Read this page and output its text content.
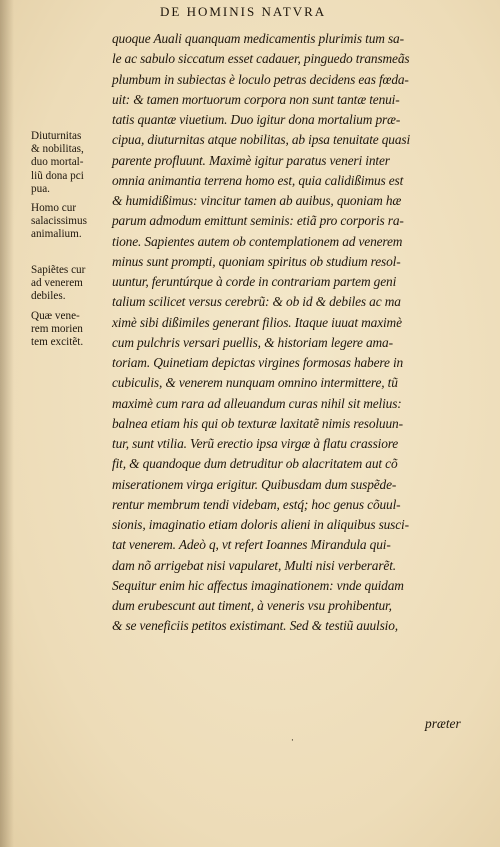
DE HOMINIS NATVRA
Diuturnitas
& nobilitas,
duo mortal-
liũ dona pci
pua.
Homo cur
salacissimus
animalium.
Sapiẽtes cur
ad venerem
debiles.
Quæ vene-
rem morien
tem excitẽt.
quoque Auali quanquam medicamentis plurimis tum sa-
le ac sabulo siccatum esset cadauer, pinguedo transmeãs
plumbum in subiectas è loculo petras decidens eas fœda-
uit: & tamen mortuorum corpora non sunt tantæ tenui-
tatis quantæ viuetium. Duo igitur dona mortalium præ-
cipua, diuturnitas atque nobilitas, ab ipsa tenuitate quasi
parente profluunt. Maximè igitur paratus veneri inter
omnia animantia terrena homo est, quia calidißimus est
& humidißimus: vincitur tamen ab auibus, quoniam hæ
parum admodum emittunt seminis: etiã pro corporis ra-
tione. Sapientes autem ob contemplationem ad venerem
minus sunt prompti, quoniam spiritus ob studium resol-
uuntur, feruntúrque à corde in contrariam partem geni
talium scilicet versus cerebrũ: & ob id & debiles ac ma
ximè sibi dißimiles generant filios. Itaque iuuat maximè
cum pulchris versari puellis, & historiam legere ama-
toriam. Quinetiam depictas virgines formosas habere in
cubiculis, & venerem nunquam omnino intermittere, tũ
maximè cum rara ad alleuandum curas nihil sit melius:
balnea etiam his qui ob texturæ laxitatẽ nimis resoluun-
tur, sunt vtilia. Verũ erectio ipsa virgæ à flatu crassiore
fit, & quandoque dum detruditur ob alacritatem aut cõ
miserationem virga erigitur. Quibusdam dum suspẽde-
rentur membrum tendi videbam, estq́; hoc genus cõuul-
sionis, imaginatio etiam doloris alieni in aliquibus susci-
tat venerem. Adeò q, vt refert Ioannes Mirandula qui-
dam nõ arrigebat nisi vapularet, Multi nisi verberarẽt.
Sequitur enim hic affectus imaginationem: vnde quidam
dum erubescunt aut timent, à veneris vsu prohibentur,
& se veneficiis petitos existimant. Sed & testiũ auulsio,
præter
·
